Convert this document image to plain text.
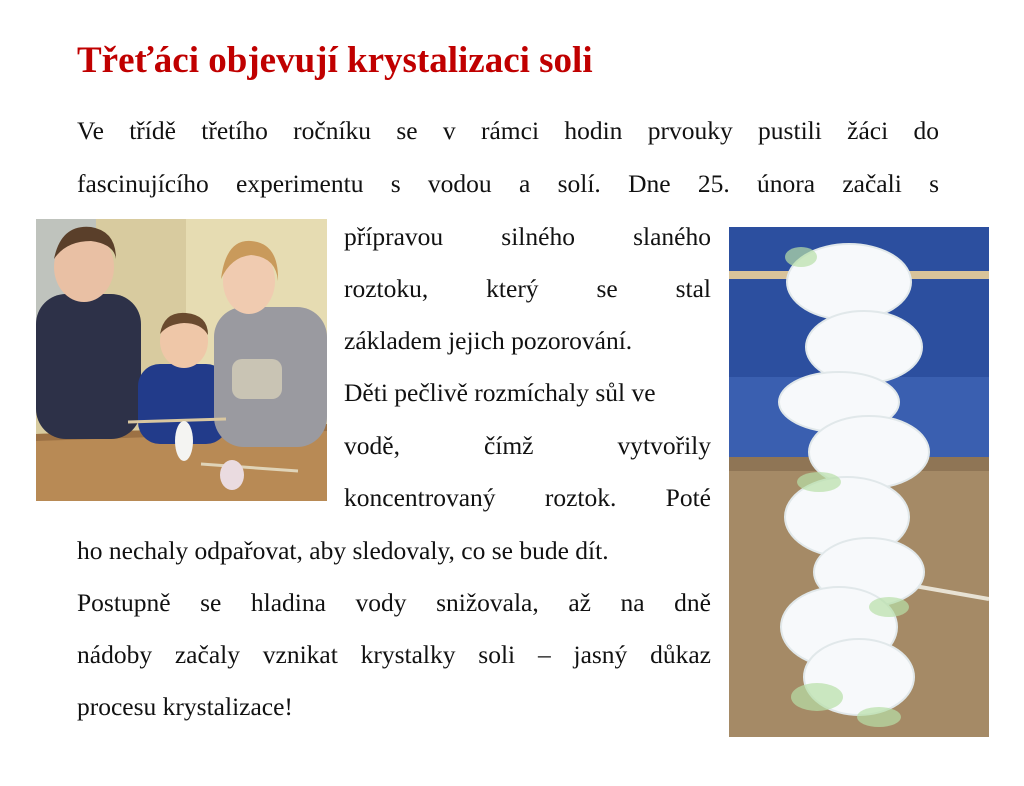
Třeťáci objevují krystalizaci soli
Ve třídě třetího ročníku se v rámci hodin prvouky pustili žáci do
fascinujícího experimentu s vodou a solí. Dne 25. února začali s
přípravou silného slaného
roztoku, který se stal
základem jejich pozorování.
Děti pečlivě rozmíchaly sůl ve
vodě, čímž vytvořily
koncentrovaný roztok. Poté
ho nechaly odpařovat, aby sledovaly, co se bude dít.
Postupně se hladina vody snižovala, až na dně
nádoby začaly vznikat krystalky soli – jasný důkaz
procesu krystalizace!
